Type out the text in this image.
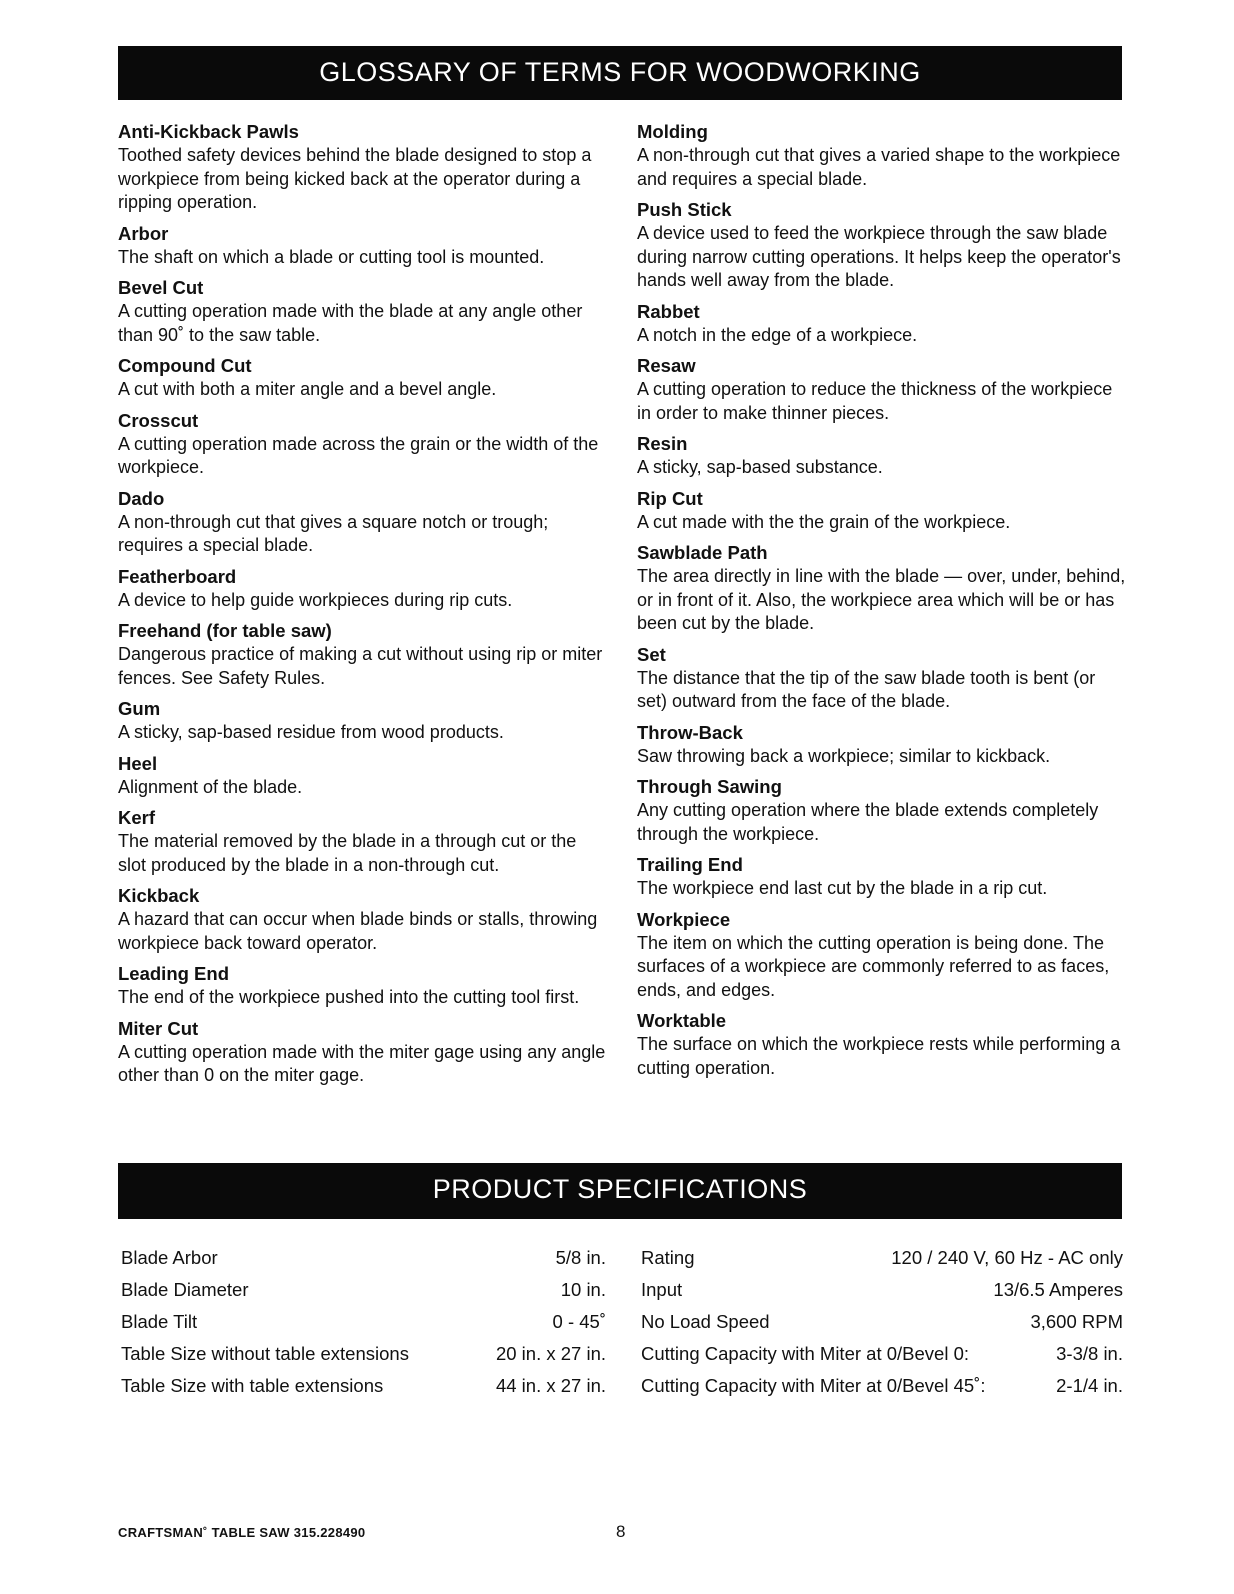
GLOSSARY OF TERMS FOR WOODWORKING
Anti-Kickback Pawls
Toothed safety devices behind the blade designed to stop a workpiece from being kicked back at the operator during a ripping operation.
Arbor
The shaft on which a blade or cutting tool is mounted.
Bevel Cut
A cutting operation made with the blade at any angle other than 90˚ to the saw table.
Compound Cut
A cut with both a miter angle and a bevel angle.
Crosscut
A cutting operation made across the grain or the width of the workpiece.
Dado
A non-through cut that gives a square notch or trough; requires a special blade.
Featherboard
A device to help guide workpieces during rip cuts.
Freehand (for table saw)
Dangerous practice of making a cut without using rip or miter fences. See Safety Rules.
Gum
A sticky, sap-based residue from wood products.
Heel
Alignment of the blade.
Kerf
The material removed by the blade in a through cut or the slot produced by the blade in a non-through cut.
Kickback
A hazard that can occur when blade binds or stalls, throwing workpiece back toward operator.
Leading End
The end of the workpiece pushed into the cutting tool first.
Miter Cut
A cutting operation made with the miter gage using any angle other than 0 on the miter gage.
Molding
A non-through cut that gives a varied shape to the workpiece and requires a special blade.
Push Stick
A device used to feed the workpiece through the saw blade during narrow cutting operations. It helps keep the operator's hands well away from the blade.
Rabbet
A notch in the edge of a workpiece.
Resaw
A cutting operation to reduce the thickness of the workpiece in order to make thinner pieces.
Resin
A sticky, sap-based substance.
Rip Cut
A cut made with the the grain of the workpiece.
Sawblade Path
The area directly in line with the blade — over, under, behind, or in front of it. Also, the workpiece area which will be or has been cut by the blade.
Set
The distance that the tip of the saw blade tooth is bent (or set) outward from the face of the blade.
Throw-Back
Saw throwing back a workpiece; similar to kickback.
Through Sawing
Any cutting operation where the blade extends completely through the workpiece.
Trailing End
The workpiece end last cut by the blade in a rip cut.
Workpiece
The item on which the cutting operation is being done. The surfaces of a workpiece are commonly referred to as faces, ends, and edges.
Worktable
The surface on which the workpiece rests while performing a cutting operation.
PRODUCT SPECIFICATIONS
Blade Arbor	5/8 in.
Blade Diameter	10 in.
Blade Tilt	0 - 45˚
Table Size without table extensions	20 in. x 27 in.
Table Size with table extensions	44 in. x 27 in.
Rating	120 / 240 V, 60 Hz - AC only
Input	13/6.5 Amperes
No Load Speed	3,600 RPM
Cutting Capacity with Miter at 0/Bevel 0:	3-3/8 in.
Cutting Capacity with Miter at 0/Bevel 45˚:	2-1/4 in.
CRAFTSMAN˚ TABLE SAW 315.228490	8
